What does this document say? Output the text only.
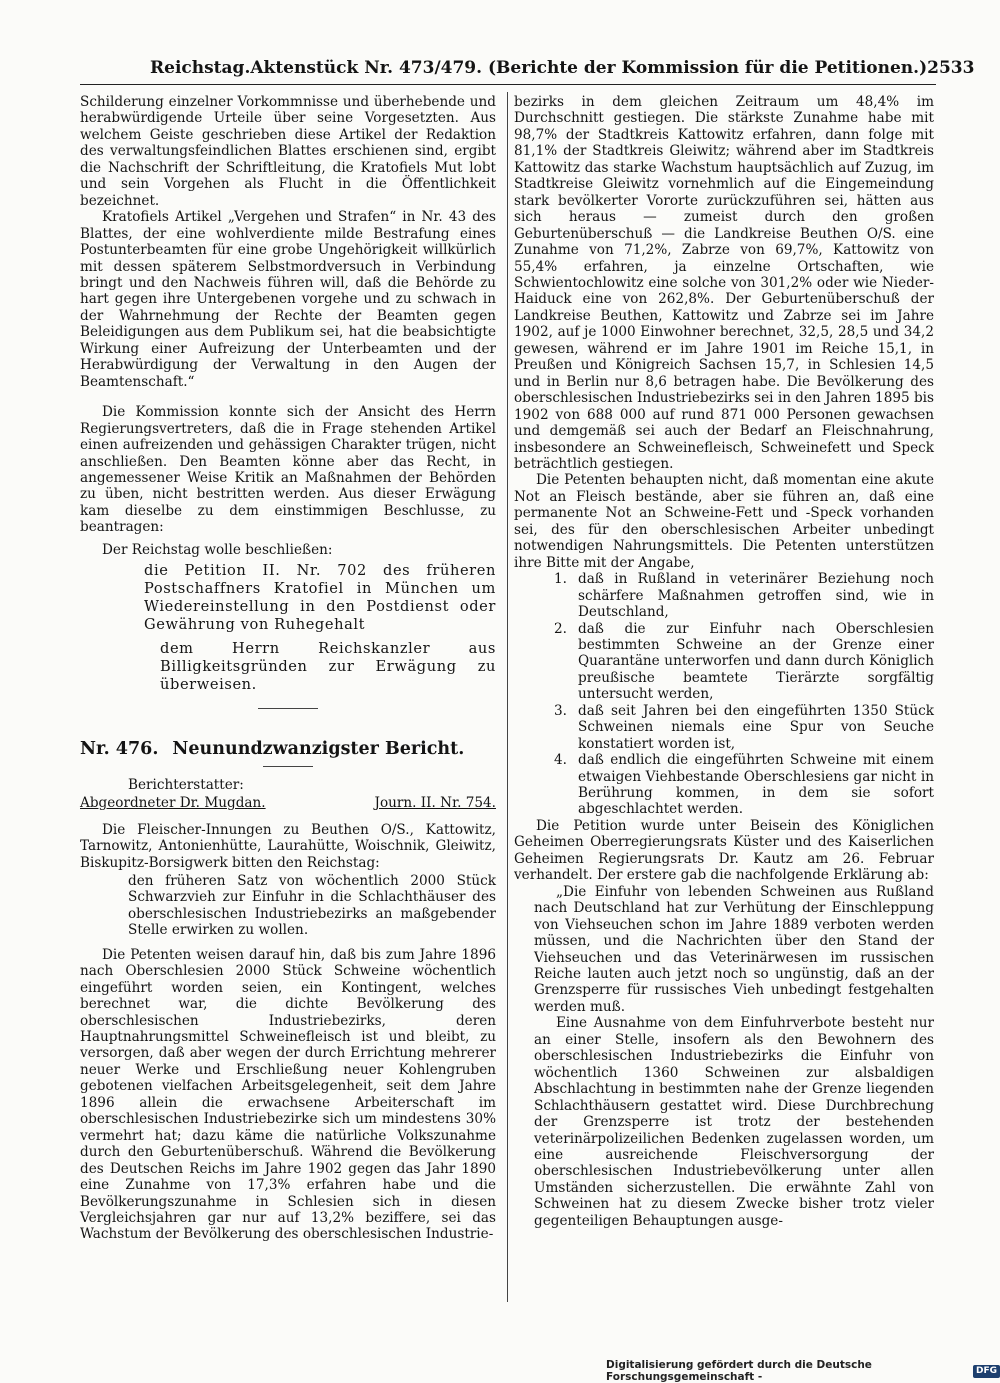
Reichstag. Aktenstück Nr. 473/479. (Berichte der Kommission für die Petitionen.) 2533

Schilderung einzelner Vorkommnisse und überhebende und herabwürdigende Urteile über seine Vorgesetzten. Aus welchem Geiste geschrieben diese Artikel der Redaktion des verwaltungsfeindlichen Blattes erschienen sind, ergibt die Nachschrift der Schriftleitung, die Kratofiels Mut lobt und sein Vorgehen als Flucht in die Öffentlichkeit bezeichnet.

Kratofiels Artikel „Vergehen und Strafen“ in Nr. 43 des Blattes, der eine wohlverdiente milde Bestrafung eines Postunterbeamten für eine grobe Ungehörigkeit willkürlich mit dessen späterem Selbstmordversuch in Verbindung bringt und den Nachweis führen will, daß die Behörde zu hart gegen ihre Untergebenen vorgehe und zu schwach in der Wahrnehmung der Rechte der Beamten gegen Beleidigungen aus dem Publikum sei, hat die beabsichtigte Wirkung einer Aufreizung der Unterbeamten und der Herabwürdigung der Verwaltung in den Augen der Beamtenschaft.“

Die Kommission konnte sich der Ansicht des Herrn Regierungsvertreters, daß die in Frage stehenden Artikel einen aufreizenden und gehässigen Charakter trügen, nicht anschließen. Den Beamten könne aber das Recht, in angemessener Weise Kritik an Maßnahmen der Behörden zu üben, nicht bestritten werden. Aus dieser Erwägung kam dieselbe zu dem einstimmigen Beschlusse, zu beantragen:

Der Reichstag wolle beschließen:

die Petition II. Nr. 702 des früheren Postschaffners Kratofiel in München um Wiedereinstellung in den Postdienst oder Gewährung von Ruhegehalt

dem Herrn Reichskanzler aus Billigkeitsgründen zur Erwägung zu überweisen.

Nr. 476. Neunundzwanzigster Bericht.

Berichterstatter:

Abgeordneter Dr. Mugdan.	Journ. II. Nr. 754.

Die Fleischer-Innungen zu Beuthen O/S., Kattowitz, Tarnowitz, Antonienhütte, Laurahütte, Woischnik, Gleiwitz, Biskupitz-Borsigwerk bitten den Reichstag:

den früheren Satz von wöchentlich 2000 Stück Schwarzvieh zur Einfuhr in die Schlachthäuser des oberschlesischen Industriebezirks an maßgebender Stelle erwirken zu wollen.

Die Petenten weisen darauf hin, daß bis zum Jahre 1896 nach Oberschlesien 2000 Stück Schweine wöchentlich eingeführt worden seien, ein Kontingent, welches berechnet war, die dichte Bevölkerung des oberschlesischen Industriebezirks, deren Hauptnahrungsmittel Schweinefleisch ist und bleibt, zu versorgen, daß aber wegen der durch Errichtung mehrerer neuer Werke und Erschließung neuer Kohlengruben gebotenen vielfachen Arbeitsgelegenheit, seit dem Jahre 1896 allein die erwachsene Arbeiterschaft im oberschlesischen Industriebezirke sich um mindestens 30% vermehrt hat; dazu käme die natürliche Volkszunahme durch den Geburtenüberschuß. Während die Bevölkerung des Deutschen Reichs im Jahre 1902 gegen das Jahr 1890 eine Zunahme von 17,3% erfahren habe und die Bevölkerungszunahme in Schlesien sich in diesen Vergleichsjahren gar nur auf 13,2% beziffere, sei das Wachstum der Bevölkerung des oberschlesischen Industrie-

bezirks in dem gleichen Zeitraum um 48,4% im Durchschnitt gestiegen. Die stärkste Zunahme habe mit 98,7% der Stadtkreis Kattowitz erfahren, dann folge mit 81,1% der Stadtkreis Gleiwitz; während aber im Stadtkreis Kattowitz das starke Wachstum hauptsächlich auf Zuzug, im Stadtkreise Gleiwitz vornehmlich auf die Eingemeindung stark bevölkerter Vororte zurückzuführen sei, hätten aus sich heraus — zumeist durch den großen Geburtenüberschuß — die Landkreise Beuthen O/S. eine Zunahme von 71,2%, Zabrze von 69,7%, Kattowitz von 55,4% erfahren, ja einzelne Ortschaften, wie Schwientochlowitz eine solche von 301,2% oder wie Nieder-Haiduck eine von 262,8%. Der Geburtenüberschuß der Landkreise Beuthen, Kattowitz und Zabrze sei im Jahre 1902, auf je 1000 Einwohner berechnet, 32,5, 28,5 und 34,2 gewesen, während er im Jahre 1901 im Reiche 15,1, in Preußen und Königreich Sachsen 15,7, in Schlesien 14,5 und in Berlin nur 8,6 betragen habe. Die Bevölkerung des oberschlesischen Industriebezirks sei in den Jahren 1895 bis 1902 von 688 000 auf rund 871 000 Personen gewachsen und demgemäß sei auch der Bedarf an Fleischnahrung, insbesondere an Schweinefleisch, Schweinefett und Speck beträchtlich gestiegen.

Die Petenten behaupten nicht, daß momentan eine akute Not an Fleisch bestände, aber sie führen an, daß eine permanente Not an Schweine-Fett und -Speck vorhanden sei, des für den oberschlesischen Arbeiter unbedingt notwendigen Nahrungsmittels. Die Petenten unterstützen ihre Bitte mit der Angabe,

1. daß in Rußland in veterinärer Beziehung noch schärfere Maßnahmen getroffen sind, wie in Deutschland,
2. daß die zur Einfuhr nach Oberschlesien bestimmten Schweine an der Grenze einer Quarantäne unterworfen und dann durch Königlich preußische beamtete Tierärzte sorgfältig untersucht werden,
3. daß seit Jahren bei den eingeführten 1350 Stück Schweinen niemals eine Spur von Seuche konstatiert worden ist,
4. daß endlich die eingeführten Schweine mit einem etwaigen Viehbestande Oberschlesiens gar nicht in Berührung kommen, in dem sie sofort abgeschlachtet werden.

Die Petition wurde unter Beisein des Königlichen Geheimen Oberregierungsrats Küster und des Kaiserlichen Geheimen Regierungsrats Dr. Kautz am 26. Februar verhandelt. Der erstere gab die nachfolgende Erklärung ab:

„Die Einfuhr von lebenden Schweinen aus Rußland nach Deutschland hat zur Verhütung der Einschleppung von Viehseuchen schon im Jahre 1889 verboten werden müssen, und die Nachrichten über den Stand der Viehseuchen und das Veterinärwesen im russischen Reiche lauten auch jetzt noch so ungünstig, daß an der Grenzsperre für russisches Vieh unbedingt festgehalten werden muß.

Eine Ausnahme von dem Einfuhrverbote besteht nur an einer Stelle, insofern als den Bewohnern des oberschlesischen Industriebezirks die Einfuhr von wöchentlich 1360 Schweinen zur alsbaldigen Abschlachtung in bestimmten nahe der Grenze liegenden Schlachthäusern gestattet wird. Diese Durchbrechung der Grenzsperre ist trotz der bestehenden veterinärpolizeilichen Bedenken zugelassen worden, um eine ausreichende Fleischversorgung der oberschlesischen Industriebevölkerung unter allen Umständen sicherzustellen. Die erwähnte Zahl von Schweinen hat zu diesem Zwecke bisher trotz vieler gegenteiligen Behauptungen ausge-

Digitalisierung gefördert durch die Deutsche Forschungsgemeinschaft -
DFG
